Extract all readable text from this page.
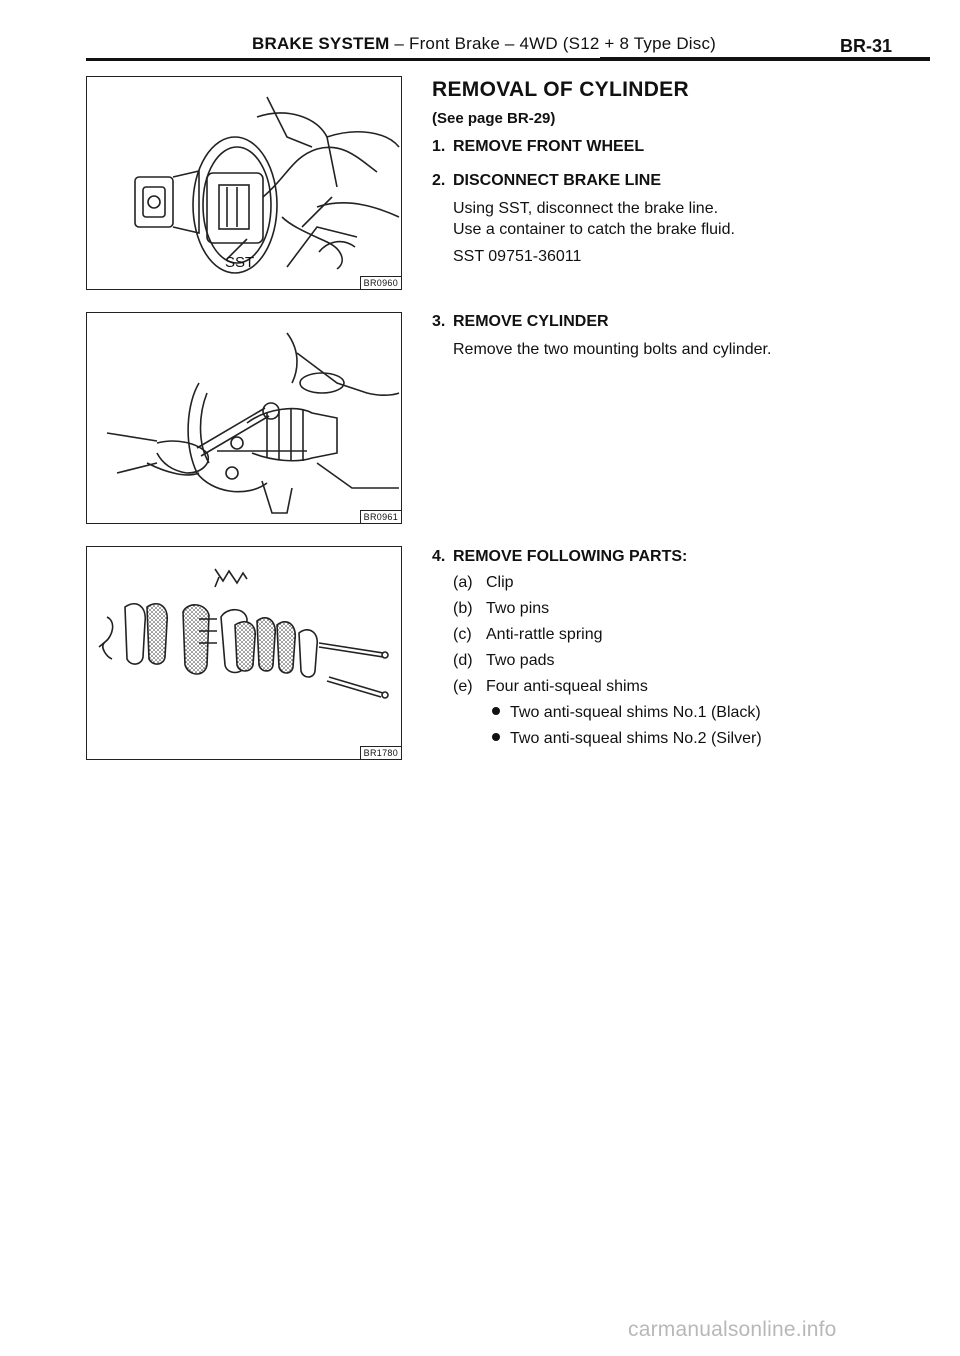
BRAKE SYSTEM – Front Brake – 4WD (S12 + 8 Type Disc)	BR-31
SST
BR0960
BR0961
BR1780
REMOVAL OF CYLINDER
(See page BR-29)
1. REMOVE FRONT WHEEL
2. DISCONNECT BRAKE LINE
Using SST, disconnect the brake line.
Use a container to catch the brake fluid.
SST 09751-36011
3. REMOVE CYLINDER
Remove the two mounting bolts and cylinder.
4. REMOVE FOLLOWING PARTS:
(a) Clip
(b) Two pins
(c) Anti-rattle spring
(d) Two pads
(e) Four anti-squeal shims
Two anti-squeal shims No.1 (Black)
Two anti-squeal shims No.2 (Silver)
carmanualsonline.info
